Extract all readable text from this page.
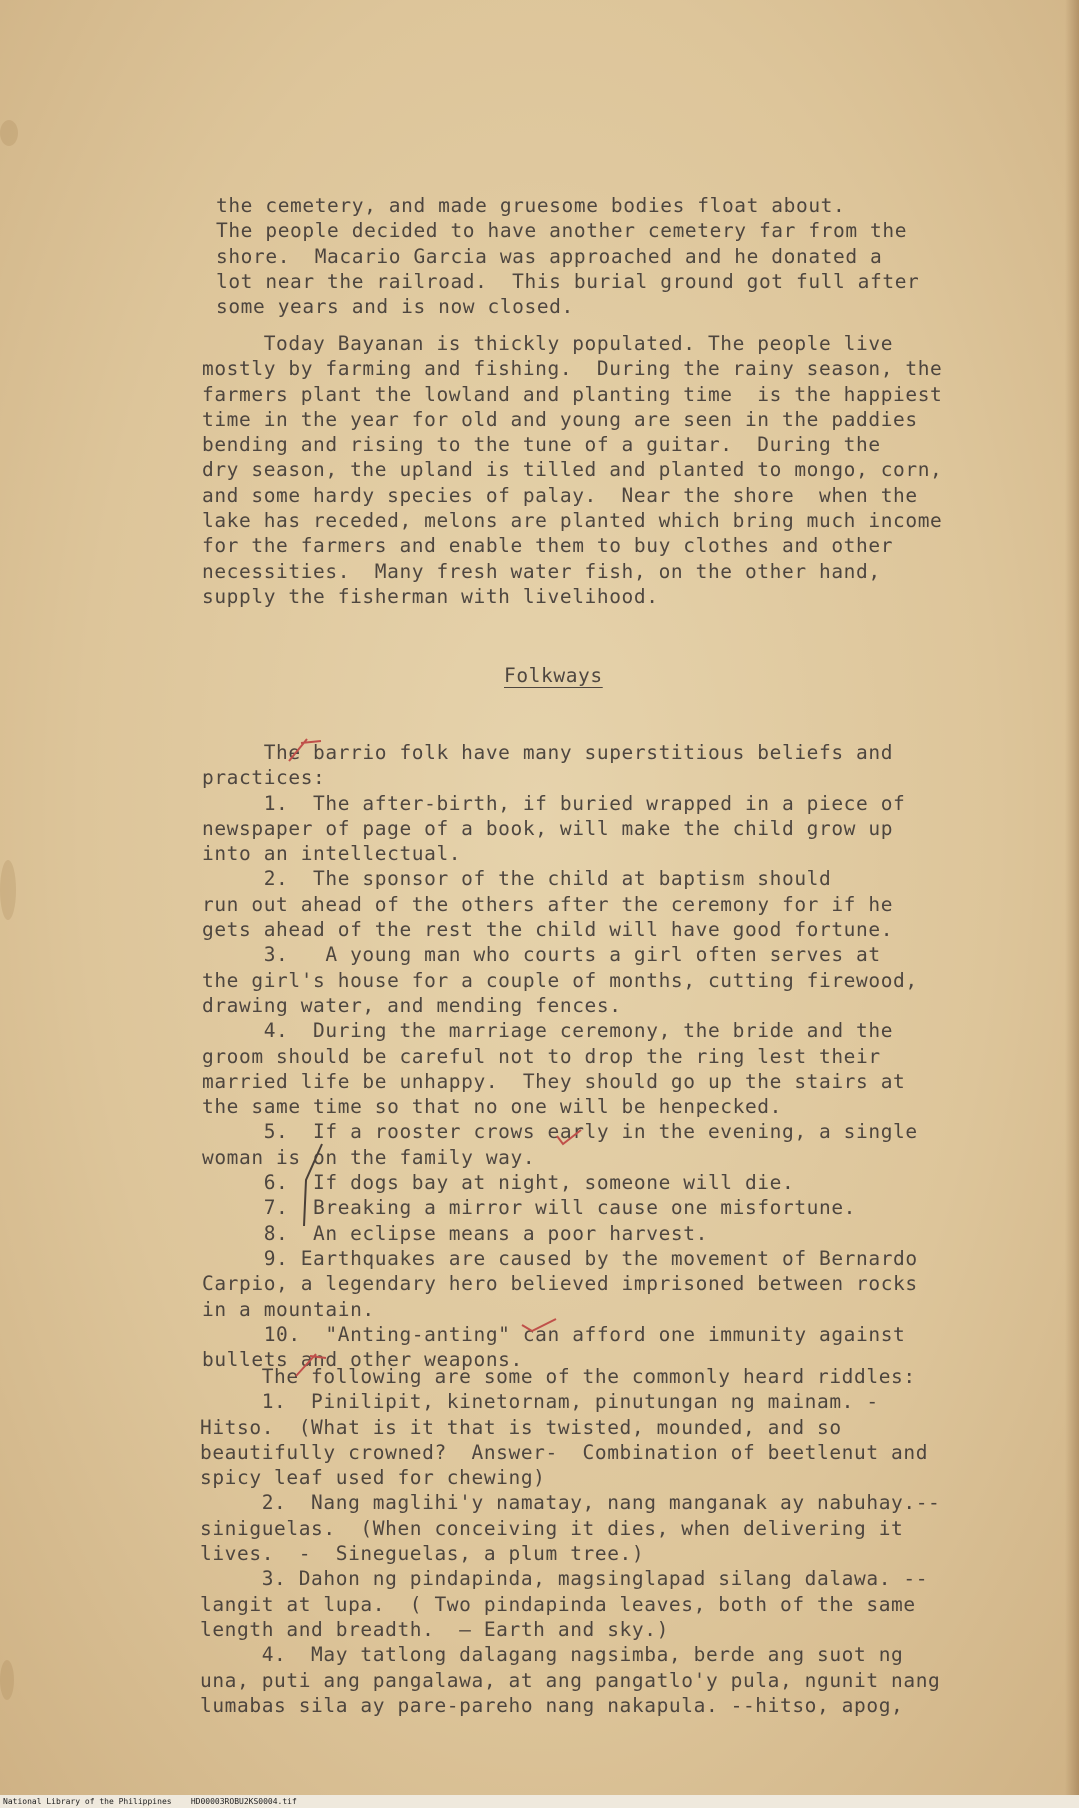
the cemetery, and made gruesome bodies float about.
The people decided to have another cemetery far from the
shore.  Macario Garcia was approached and he donated a
lot near the railroad.  This burial ground got full after
some years and is now closed.
Today Bayanan is thickly populated. The people live
mostly by farming and fishing.  During the rainy season, the
farmers plant the lowland and planting time  is the happiest
time in the year for old and young are seen in the paddies
bending and rising to the tune of a guitar.  During the
dry season, the upland is tilled and planted to mongo, corn,
and some hardy species of palay.  Near the shore  when the
lake has receded, melons are planted which bring much income
for the farmers and enable them to buy clothes and other
necessities.  Many fresh water fish, on the other hand,
supply the fisherman with livelihood.
Folkways
The barrio folk have many superstitious beliefs and
practices:
1.  The after-birth, if buried wrapped in a piece of
newspaper of page of a book, will make the child grow up
into an intellectual.
2.  The sponsor of the child at baptism should
run out ahead of the others after the ceremony for if he
gets ahead of the rest the child will have good fortune.
3.   A young man who courts a girl often serves at
the girl's house for a couple of months, cutting firewood,
drawing water, and mending fences.
4.  During the marriage ceremony, the bride and the
groom should be careful not to drop the ring lest their
married life be unhappy.  They should go up the stairs at
the same time so that no one will be henpecked.
5.  If a rooster crows early in the evening, a single
woman is on the family way.
6.  If dogs bay at night, someone will die.
7.  Breaking a mirror will cause one misfortune.
8.  An eclipse means a poor harvest.
9. Earthquakes are caused by the movement of Bernardo
Carpio, a legendary hero believed imprisoned between rocks
in a mountain.
10.  "Anting-anting" can afford one immunity against
bullets and other weapons.
The following are some of the commonly heard riddles:
1.  Pinilipit, kinetornam, pinutungan ng mainam. -
Hitso.  (What is it that is twisted, mounded, and so
beautifully crowned?  Answer-  Combination of beetlenut and
spicy leaf used for chewing)
2.  Nang maglihi'y namatay, nang manganak ay nabuhay.--
siniguelas.  (When conceiving it dies, when delivering it
lives.  -  Sineguelas, a plum tree.)
3. Dahon ng pindapinda, magsinglapad silang dalawa. --
langit at lupa.  ( Two pindapinda leaves, both of the same
length and breadth.  — Earth and sky.)
4.  May tatlong dalagang nagsimba, berde ang suot ng
una, puti ang pangalawa, at ang pangatlo'y pula, ngunit nang
lumabas sila ay pare-pareho nang nakapula. --hitso, apog,
National Library of the Philippines    HD00003ROBU2KS0004.tif
